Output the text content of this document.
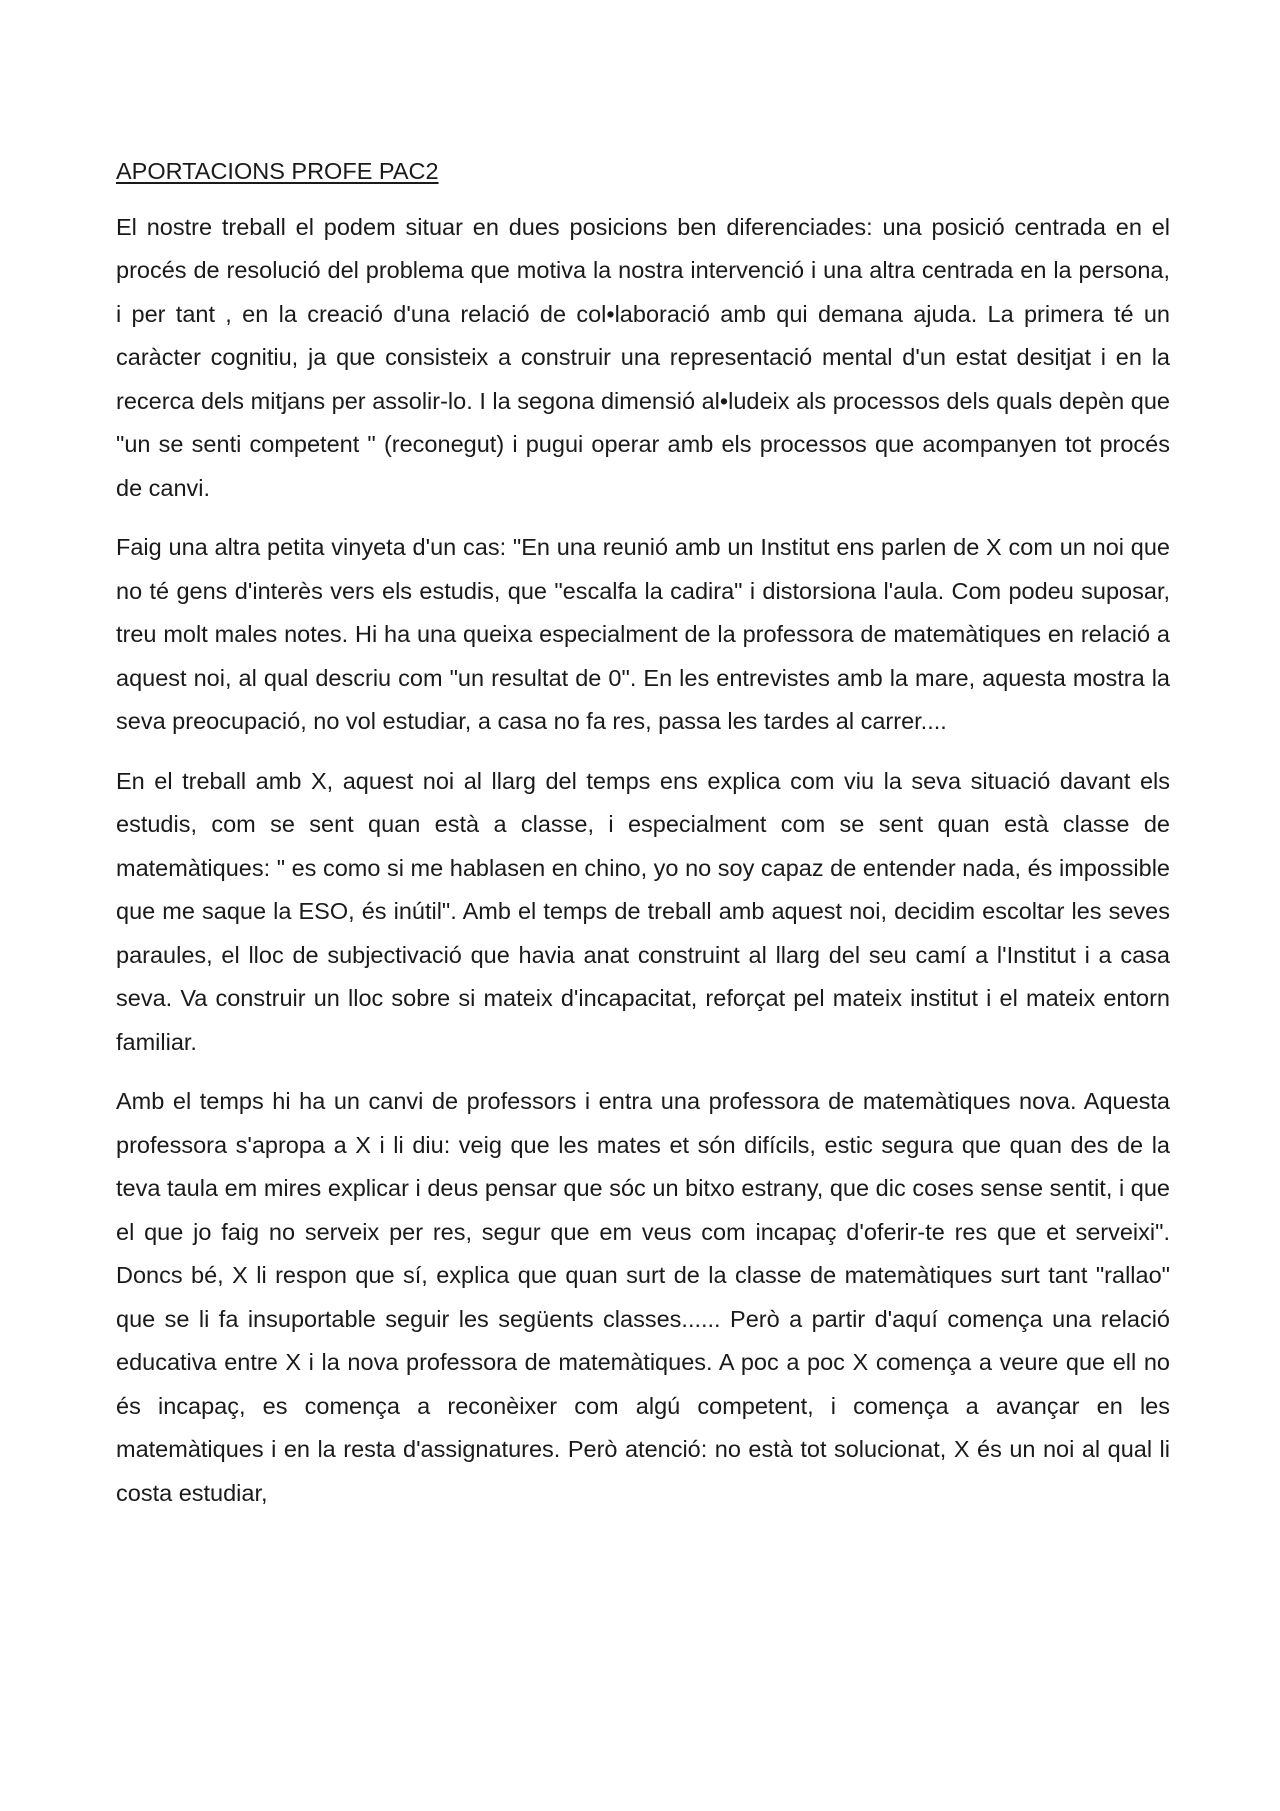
APORTACIONS PROFE PAC2

El nostre treball el podem situar en dues posicions ben diferenciades: una posició centrada en el procés de resolució del problema que motiva la nostra intervenció i una altra centrada en la persona, i per tant , en la creació d'una relació de col•laboració amb qui demana ajuda. La primera té un caràcter cognitiu, ja que consisteix a construir una representació mental d'un estat desitjat i en la recerca dels mitjans per assolir-lo. I la segona dimensió al•ludeix als processos dels quals depèn que "un se senti competent " (reconegut) i pugui operar amb els processos que acompanyen tot procés de canvi.

Faig una altra petita vinyeta d'un cas: "En una reunió amb un Institut ens parlen de X com un noi que no té gens d'interès vers els estudis, que "escalfa la cadira" i distorsiona l'aula. Com podeu suposar, treu molt males notes. Hi ha una queixa especialment de la professora de matemàtiques en relació a aquest noi, al qual descriu com "un resultat de 0". En les entrevistes amb la mare, aquesta mostra la seva preocupació, no vol estudiar, a casa no fa res, passa les tardes al carrer....

En el treball amb X, aquest noi al llarg del temps ens explica com viu la seva situació davant els estudis, com se sent quan està a classe, i especialment com se sent quan està classe de matemàtiques: " es como si me hablasen en chino, yo no soy capaz de entender nada, és impossible que me saque la ESO, és inútil". Amb el temps de treball amb aquest noi, decidim escoltar les seves paraules, el lloc de subjectivació que havia anat construint al llarg del seu camí a l'Institut i a casa seva. Va construir un lloc sobre si mateix d'incapacitat, reforçat pel mateix institut i el mateix entorn familiar.

Amb el temps hi ha un canvi de professors i entra una professora de matemàtiques nova. Aquesta professora s'apropa a X i li diu: veig que les mates et són difícils, estic segura que quan des de la teva taula em mires explicar i deus pensar que sóc un bitxo estrany, que dic coses sense sentit, i que el que jo faig no serveix per res, segur que em veus com incapaç d'oferir-te res que et serveixi". Doncs bé, X li respon que sí, explica que quan surt de la classe de matemàtiques surt tant "rallao" que se li fa insuportable seguir les següents classes...... Però a partir d'aquí comença una relació educativa entre X i la nova professora de matemàtiques. A poc a poc X comença a veure que ell no és incapaç, es comença a reconèixer com algú competent, i comença a avançar en les matemàtiques i en la resta d'assignatures. Però atenció: no està tot solucionat, X és un noi al qual li costa estudiar,
